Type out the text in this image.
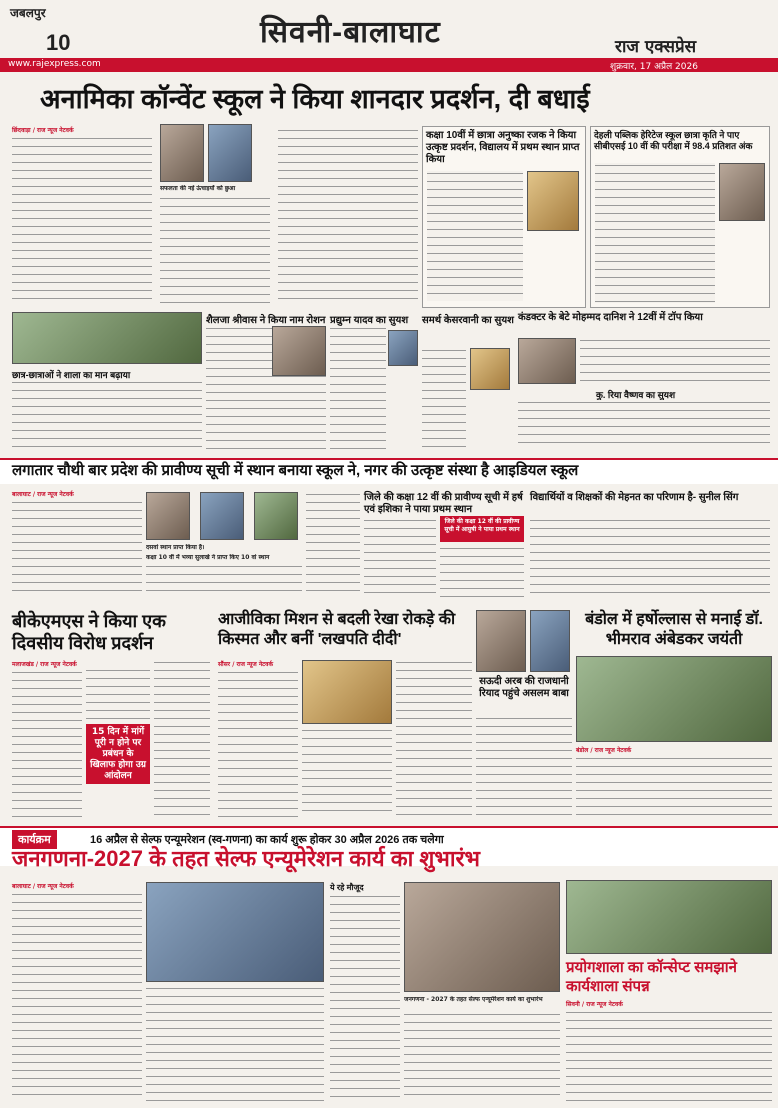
जबलपुर
10	सिवनी-बालाघाट	राज एक्सप्रेस
www.rajexpress.com	शुक्रवार, 17 अप्रैल 2026
अनामिका कॉन्वेंट स्कूल ने किया शानदार प्रदर्शन, दी बधाई
छिंदवाड़ा / राज न्यूज नेटवर्क
सफलता की नई ऊंचाइयों को छुआ
कक्षा 10वीं में छात्रा अनुष्का रजक ने किया उत्कृष्ट प्रदर्शन, विद्यालय में प्रथम स्थान प्राप्त किया
देहली पब्लिक हेरिटेज स्कूल छात्रा कृति ने पाए सीबीएसई 10 वीं की परीक्षा में 98.4 प्रतिशत अंक
छात्र-छात्राओं ने शाला का मान बढ़ाया
शैलजा श्रीवास ने किया नाम रोशन प्रद्युम्न यादव का सुयश	समर्थ केसरवानी का सुयश कंडक्टर के बेटे मोहम्मद दानिश ने 12वीं में टॉप किया
कु. रिया वैष्णव का सुयश
लगातार चौथी बार प्रदेश की प्रावीण्य सूची में स्थान बनाया स्कूल ने, नगर की उत्कृष्ट संस्था है आइडियल स्कूल
बालाघाट / राज न्यूज नेटवर्क
दसवां स्थान प्राप्त किया है।
कक्षा 10 वीं में भव्या सुलाखे ने प्राप्त किए 10 वां स्थान
जिले की कक्षा 12 वीं की प्रावीण्य सूची में हर्ष एवं इशिका ने पाया प्रथम स्थान
जिले की कक्षा 12 वीं की प्रावीण्य सूची में आयुषी ने पाया प्रथम स्थान
विद्यार्थियों व शिक्षकों की मेहनत का परिणाम है- सुनील सिंग
बीकेएमएस ने किया एक दिवसीय विरोध प्रदर्शन
मलाजखंड / राज न्यूज नेटवर्क
15 दिन में मांगें पूरी न होने पर प्रबंधन के खिलाफ होगा उग्र आंदोलन
आजीविका मिशन से बदली रेखा रोकड़े की किस्मत और बनीं 'लखपति दीदी'
सौंसर / राज न्यूज नेटवर्क
सऊदी अरब की राजधानी रियाद पहुंचे असलम बाबा
बंडोल में हर्षोल्लास से मनाई डॉ. भीमराव अंबेडकर जयंती
बंडोल / राज न्यूज नेटवर्क
कार्यक्रम	16 अप्रैल से सेल्फ एन्यूमरेशन (स्व-गणना) का कार्य शुरू होकर 30 अप्रैल 2026 तक चलेगा
जनगणना-2027 के तहत सेल्फ एन्यूमेरेशन कार्य का शुभारंभ
बालाघाट / राज न्यूज नेटवर्क	ये रहे मौजूद
जनगणना - 2027 के तहत सेल्फ एन्यूमेरेशन कार्य का शुभारंभ
प्रयोगशाला का कॉन्सेप्ट समझाने कार्यशाला संपन्न
सिवनी / राज न्यूज नेटवर्क
